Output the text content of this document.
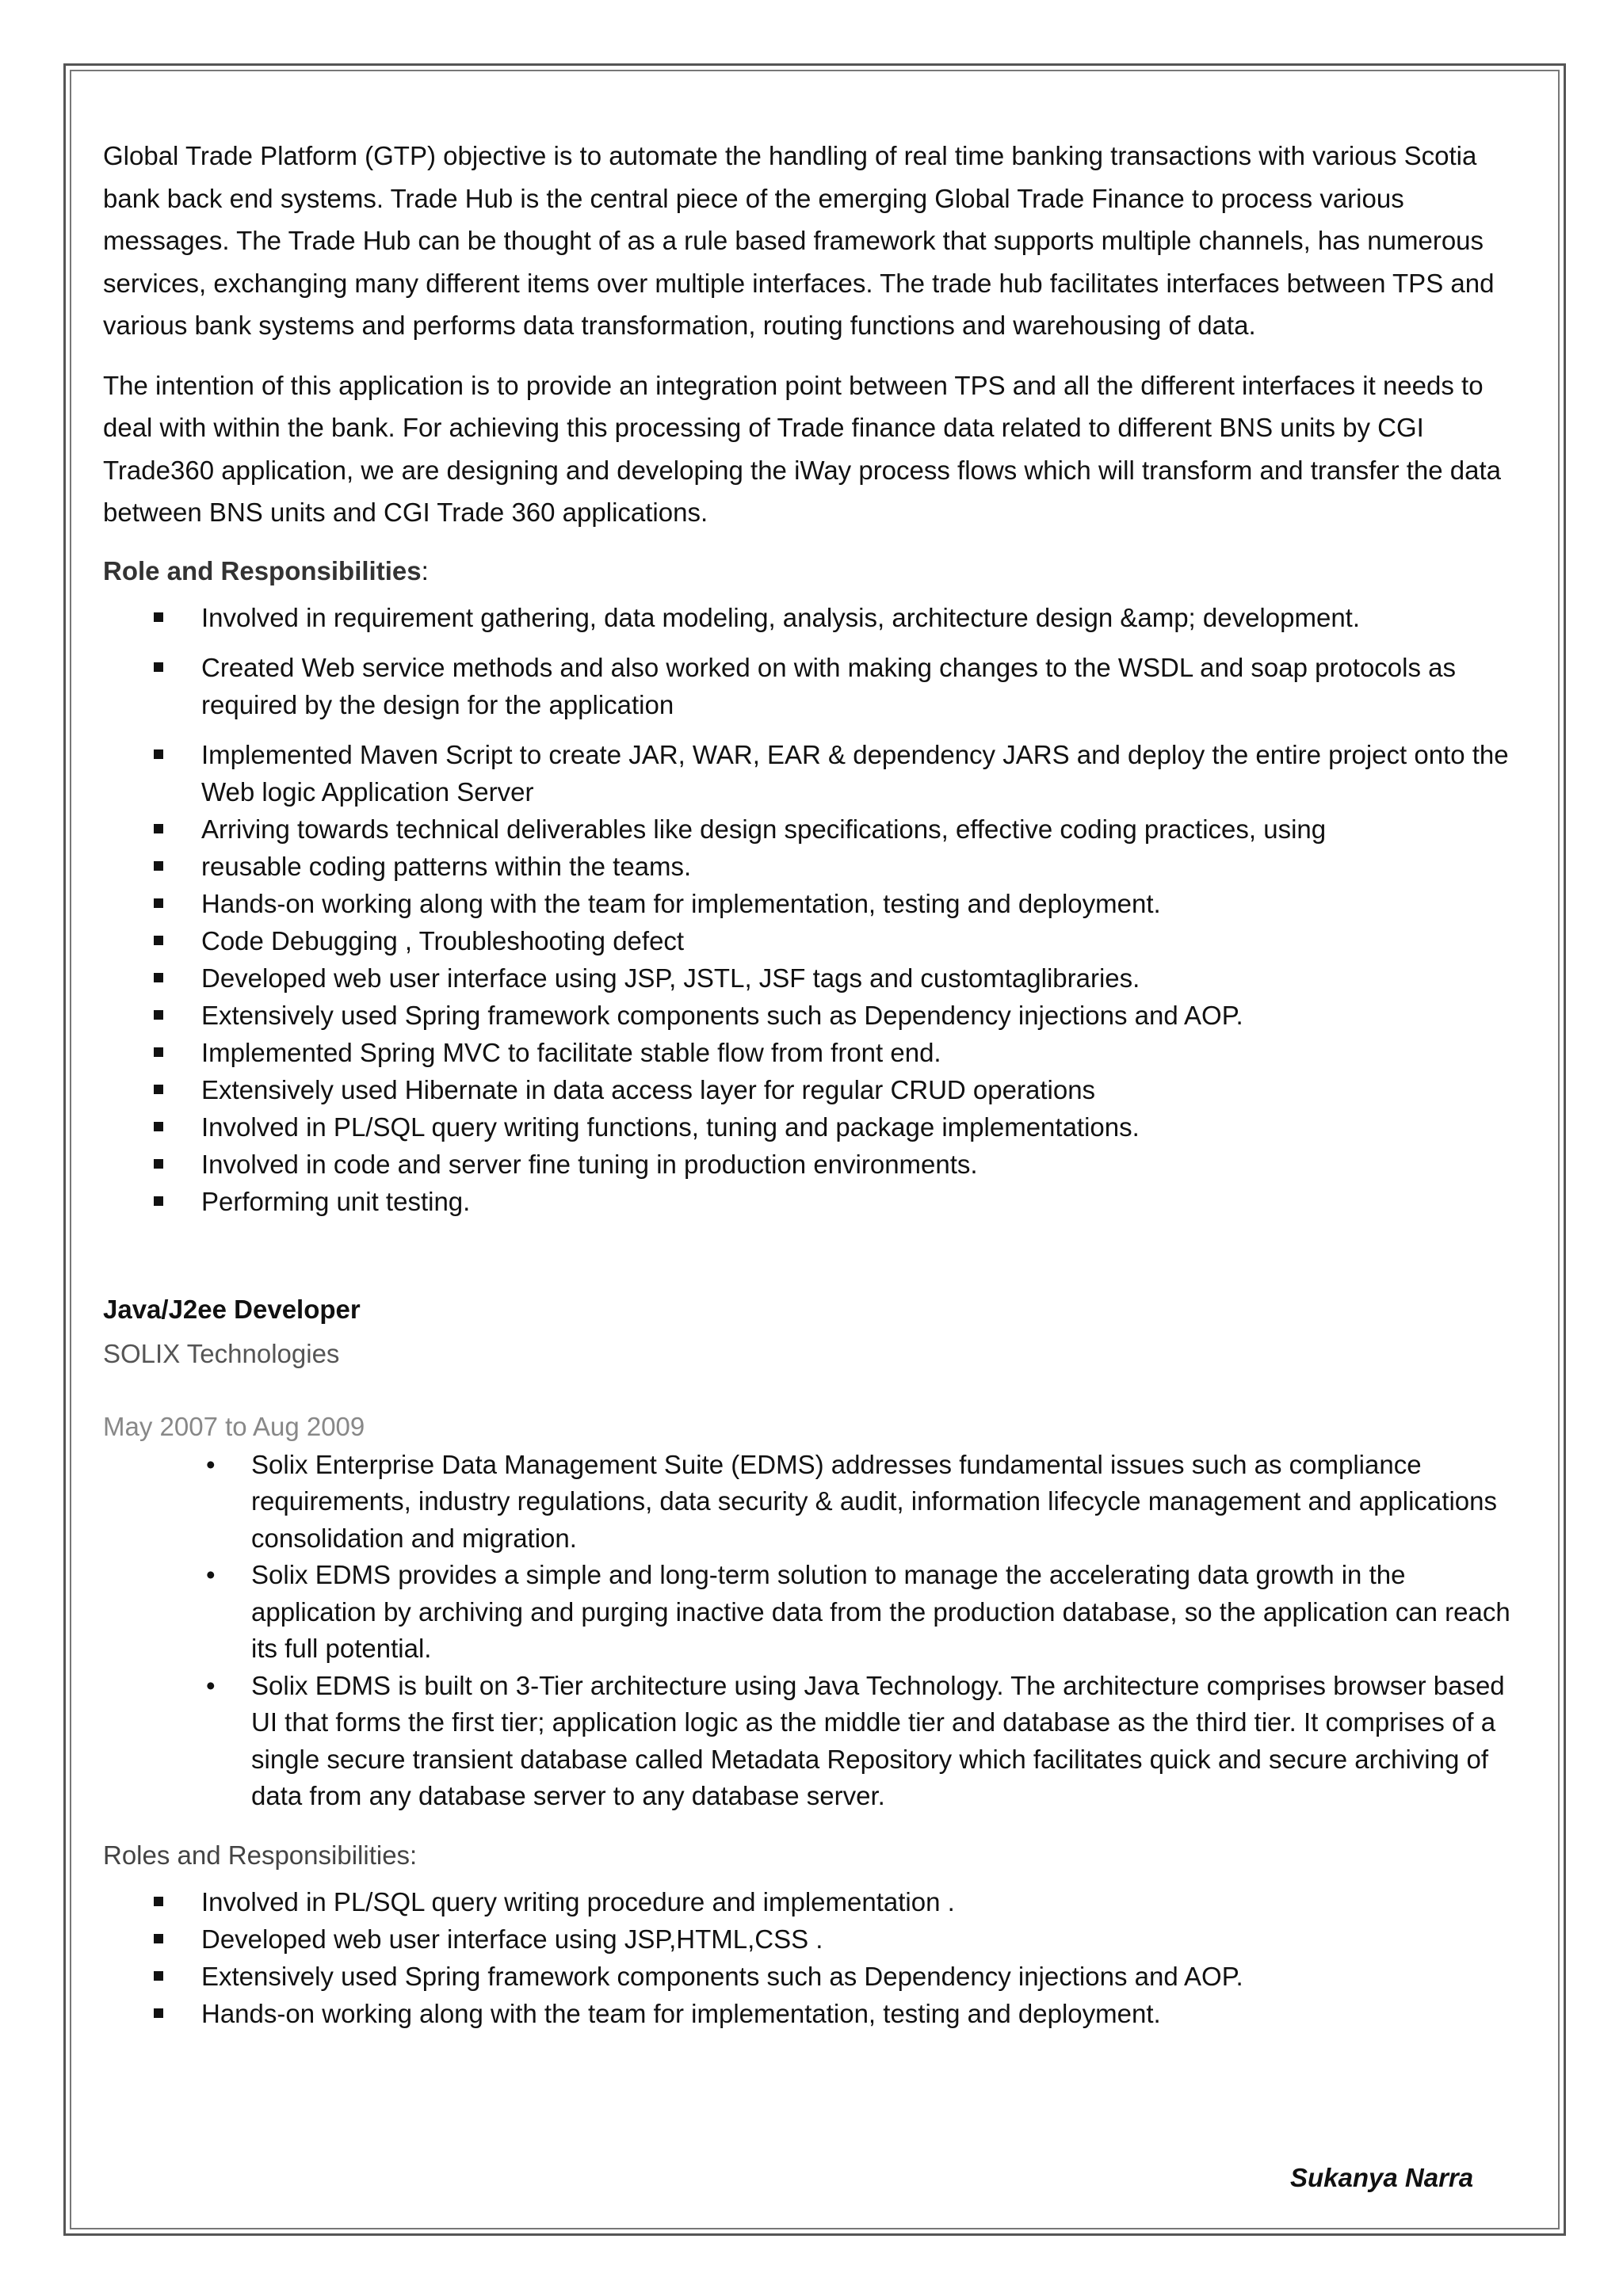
Global Trade Platform (GTP) objective is to automate the handling of real time banking transactions with various Scotia bank back end systems. Trade Hub is the central piece of the emerging Global Trade Finance to process various messages. The Trade Hub can be thought of as a rule based framework that supports multiple channels, has numerous services, exchanging many different items over multiple interfaces. The trade hub facilitates interfaces between TPS and various bank systems and performs data transformation, routing functions and warehousing of data.

The intention of this application is to provide an integration point between TPS and all the different interfaces it needs to deal with within the bank. For achieving this processing of Trade finance data related to different BNS units by CGI Trade360 application, we are designing and developing the iWay process flows which will transform and transfer the data between BNS units and CGI Trade 360 applications.

Role and Responsibilities:
Involved in requirement gathering, data modeling, analysis, architecture design &amp; development.
Created Web service methods and also worked on with making changes to the WSDL and soap protocols as required by the design for the application
Implemented Maven Script to create JAR, WAR, EAR & dependency JARS and deploy the entire project onto the Web logic Application Server
Arriving towards technical deliverables like design specifications, effective coding practices, using
reusable coding patterns within the teams.
Hands-on working along with the team for implementation, testing and deployment.
Code Debugging , Troubleshooting defect
Developed web user interface using JSP, JSTL, JSF tags and customtaglibraries.
Extensively used Spring framework components such as Dependency injections and AOP.
Implemented Spring MVC to facilitate stable flow from front end.
Extensively used Hibernate in data access layer for regular CRUD operations
Involved in PL/SQL query writing functions, tuning and package implementations.
Involved in code and server fine tuning in production environments.
Performing unit testing.
Java/J2ee Developer
SOLIX Technologies
May 2007 to Aug 2009
• Solix Enterprise Data Management Suite (EDMS) addresses fundamental issues such as compliance requirements, industry regulations, data security & audit, information lifecycle management and applications consolidation and migration.
• Solix EDMS provides a simple and long-term solution to manage the accelerating data growth in the application by archiving and purging inactive data from the production database, so the application can reach its full potential.
• Solix EDMS is built on 3-Tier architecture using Java Technology. The architecture comprises browser based UI that forms the first tier; application logic as the middle tier and database as the third tier. It comprises of a single secure transient database called Metadata Repository which facilitates quick and secure archiving of data from any database server to any database server.
Roles and Responsibilities:
Involved in PL/SQL query writing procedure and implementation .
Developed web user interface using JSP,HTML,CSS .
Extensively used Spring framework components such as Dependency injections and AOP.
Hands-on working along with the team for implementation, testing and deployment.
Sukanya Narra
